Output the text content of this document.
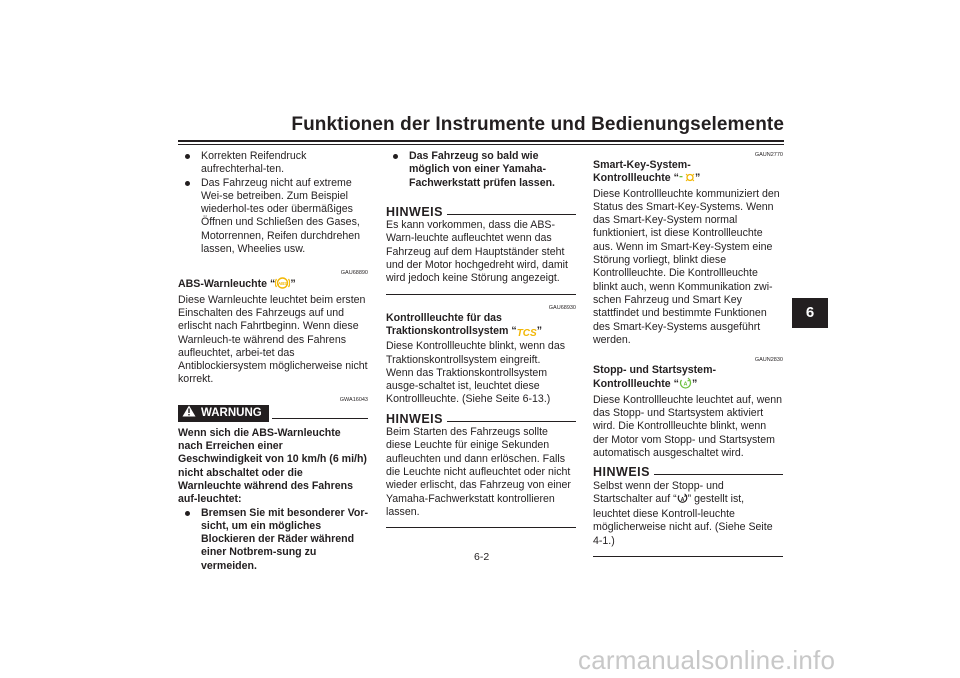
Funktionen der Instrumente und Bedienungselemente
6

Korrekten Reifendruck aufrechterhal-ten.

Das Fahrzeug nicht auf extreme Wei-se betreiben. Zum Beispiel wiederhol-tes oder übermäßiges Öffnen und Schließen des Gases, Motorrennen, Reifen durchdrehen lassen, Wheelies usw.

GAU68890

ABS-Warnleuchte “ ABS ”

Diese Warnleuchte leuchtet beim ersten Einschalten des Fahrzeugs auf und erlischt nach Fahrtbeginn. Wenn diese Warnleuch-te während des Fahrens aufleuchtet, arbei-tet das Antiblockiersystem möglicherweise nicht korrekt.

GWA16043
WARNUNG

Wenn sich die ABS-Warnleuchte nach Erreichen einer Geschwindigkeit von 10 km/h (6 mi/h) nicht abschaltet oder die Warnleuchte während des Fahrens auf-leuchtet:

Bremsen Sie mit besonderer Vor-sicht, um ein mögliches Blockieren der Räder während einer Notbrem-sung zu vermeiden.

Das Fahrzeug so bald wie möglich von einer Yamaha-Fachwerkstatt prüfen lassen.

HINWEIS

Es kann vorkommen, dass die ABS-Warn-leuchte aufleuchtet wenn das Fahrzeug auf dem Hauptständer steht und der Motor hochgedreht wird, damit wird jedoch keine Störung angezeigt.

GAU68930

Kontrollleuchte für das
Traktionskontrollsystem “TCS”

Diese Kontrollleuchte blinkt, wenn das Traktionskontrollsystem eingreift.

Wenn das Traktionskontrollsystem ausge-schaltet ist, leuchtet diese Kontrollleuchte. (Siehe Seite 6-13.)

HINWEIS

Beim Starten des Fahrzeugs sollte diese Leuchte für einige Sekunden aufleuchten und dann erlöschen. Falls die Leuchte nicht aufleuchtet oder nicht wieder erlischt, das Fahrzeug von einer Yamaha-Fachwerkstatt kontrollieren lassen.

GAUN2770

Smart-Key-System-
Kontrollleuchte “ ”

Diese Kontrollleuchte kommuniziert den Status des Smart-Key-Systems. Wenn das Smart-Key-System normal funktioniert, ist diese Kontrollleuchte aus. Wenn im Smart-Key-System eine Störung vorliegt, blinkt diese Kontrollleuchte. Die Kontrollleuchte blinkt auch, wenn Kommunikation zwi-schen Fahrzeug und Smart Key stattfindet und bestimmte Funktionen des Smart-Key-Systems ausgeführt werden.

GAUN2830

Stopp- und Startsystem-
Kontrollleuchte “ A ”

Diese Kontrollleuchte leuchtet auf, wenn das Stopp- und Startsystem aktiviert wird. Die Kontrollleuchte blinkt, wenn der Motor vom Stopp- und Startsystem automatisch ausgeschaltet wird.

HINWEIS

Selbst wenn der Stopp- und Startschalter auf “ A ” gestellt ist, leuchtet diese Kontroll-leuchte möglicherweise nicht auf. (Siehe Seite 4-1.)

6-2
carmanualsonline.info
